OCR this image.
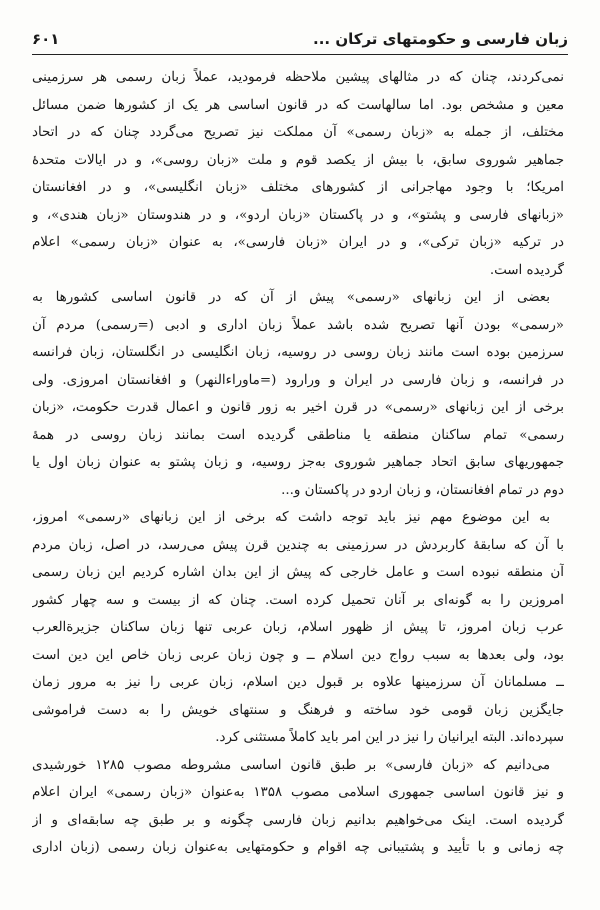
زبان فارسی و حکومتهای ترکان ...
۶۰۱
نمی‌کردند، چنان که در مثالهای پیشین ملاحظه فرمودید، عملاً زبان رسمی هر سرزمینی
معین و مشخص بود. اما سالهاست که در قانون اساسی هر یک از کشورها ضمن مسائل
مختلف، از جمله به «زبان رسمی» آن مملکت نیز تصریح می‌گردد چنان که در اتحاد
جماهیر شوروی سابق، با بیش از یکصد قوم و ملت «زبان روسی»، و در ایالات متحدهٔ
امریکا؛ با وجود مهاجرانی از کشورهای مختلف «زبان انگلیسی»، و در افغانستان
«زبانهای فارسی و پشتو»، و در پاکستان «زبان اردو»، و در هندوستان «زبان هندی»، و
در ترکیه «زبان ترکی»، و در ایران «زبان فارسی»، به عنوان «زبان رسمی» اعلام
گردیده است.
بعضی از این زبانهای «رسمی» پیش از آن که در قانون اساسی کشورها به
«رسمی» بودن آنها تصریح شده باشد عملاً زبان اداری و ادبی (=رسمی) مردم آن
سرزمین بوده است مانند زبان روسی در روسیه، زبان انگلیسی در انگلستان، زبان فرانسه
در فرانسه، و زبان فارسی در ایران و ورارود (=ماوراءالنهر) و افغانستان امروزی. ولی
برخی از این زبانهای «رسمی» در قرن اخیر به زور قانون و اعمال قدرت حکومت، «زبان
رسمی» تمام ساکنان منطقه یا مناطقی گردیده است بمانند زبان روسی در همهٔ
جمهوریهای سابق اتحاد جماهیر شوروی به‌جز روسیه، و زبان پشتو به عنوان زبان اول یا
دوم در تمام افغانستان، و زبان اردو در پاکستان و...
به این موضوع مهم نیز باید توجه داشت که برخی از این زبانهای «رسمی» امروز،
با آن که سابقهٔ کاربردش در سرزمینی به چندین قرن پیش می‌رسد، در اصل، زبان مردم
آن منطقه نبوده است و عامل خارجی که پیش از این بدان اشاره کردیم این زبان رسمی
امروزین را به گونه‌ای بر آنان تحمیل کرده است. چنان که از بیست و سه چهار کشور
عرب زبان امروز، تا پیش از ظهور اسلام، زبان عربی تنها زبان ساکنان جزیرةالعرب
بود، ولی بعدها به سبب رواج دین اسلام ــ و چون زبان عربی زبان خاص این دین است
ــ مسلمانان آن سرزمینها علاوه بر قبول دین اسلام، زبان عربی را نیز به مرور زمان
جایگزین زبان قومی خود ساخته و فرهنگ و سنتهای خویش را به دست فراموشی
سپرده‌اند. البته ایرانیان را نیز در این امر باید کاملاً مستثنی کرد.
می‌دانیم که «زبان فارسی» بر طبق قانون اساسی مشروطه مصوب ۱۲۸۵ خورشیدی
و نیز قانون اساسی جمهوری اسلامی مصوب ۱۳۵۸ به‌عنوان «زبان رسمی» ایران اعلام
گردیده است. اینک می‌خواهیم بدانیم زبان فارسی چگونه و بر طبق چه سابقه‌ای و از
چه زمانی و با تأیید و پشتیبانی چه اقوام و حکومتهایی به‌عنوان زبان رسمی (زبان اداری
